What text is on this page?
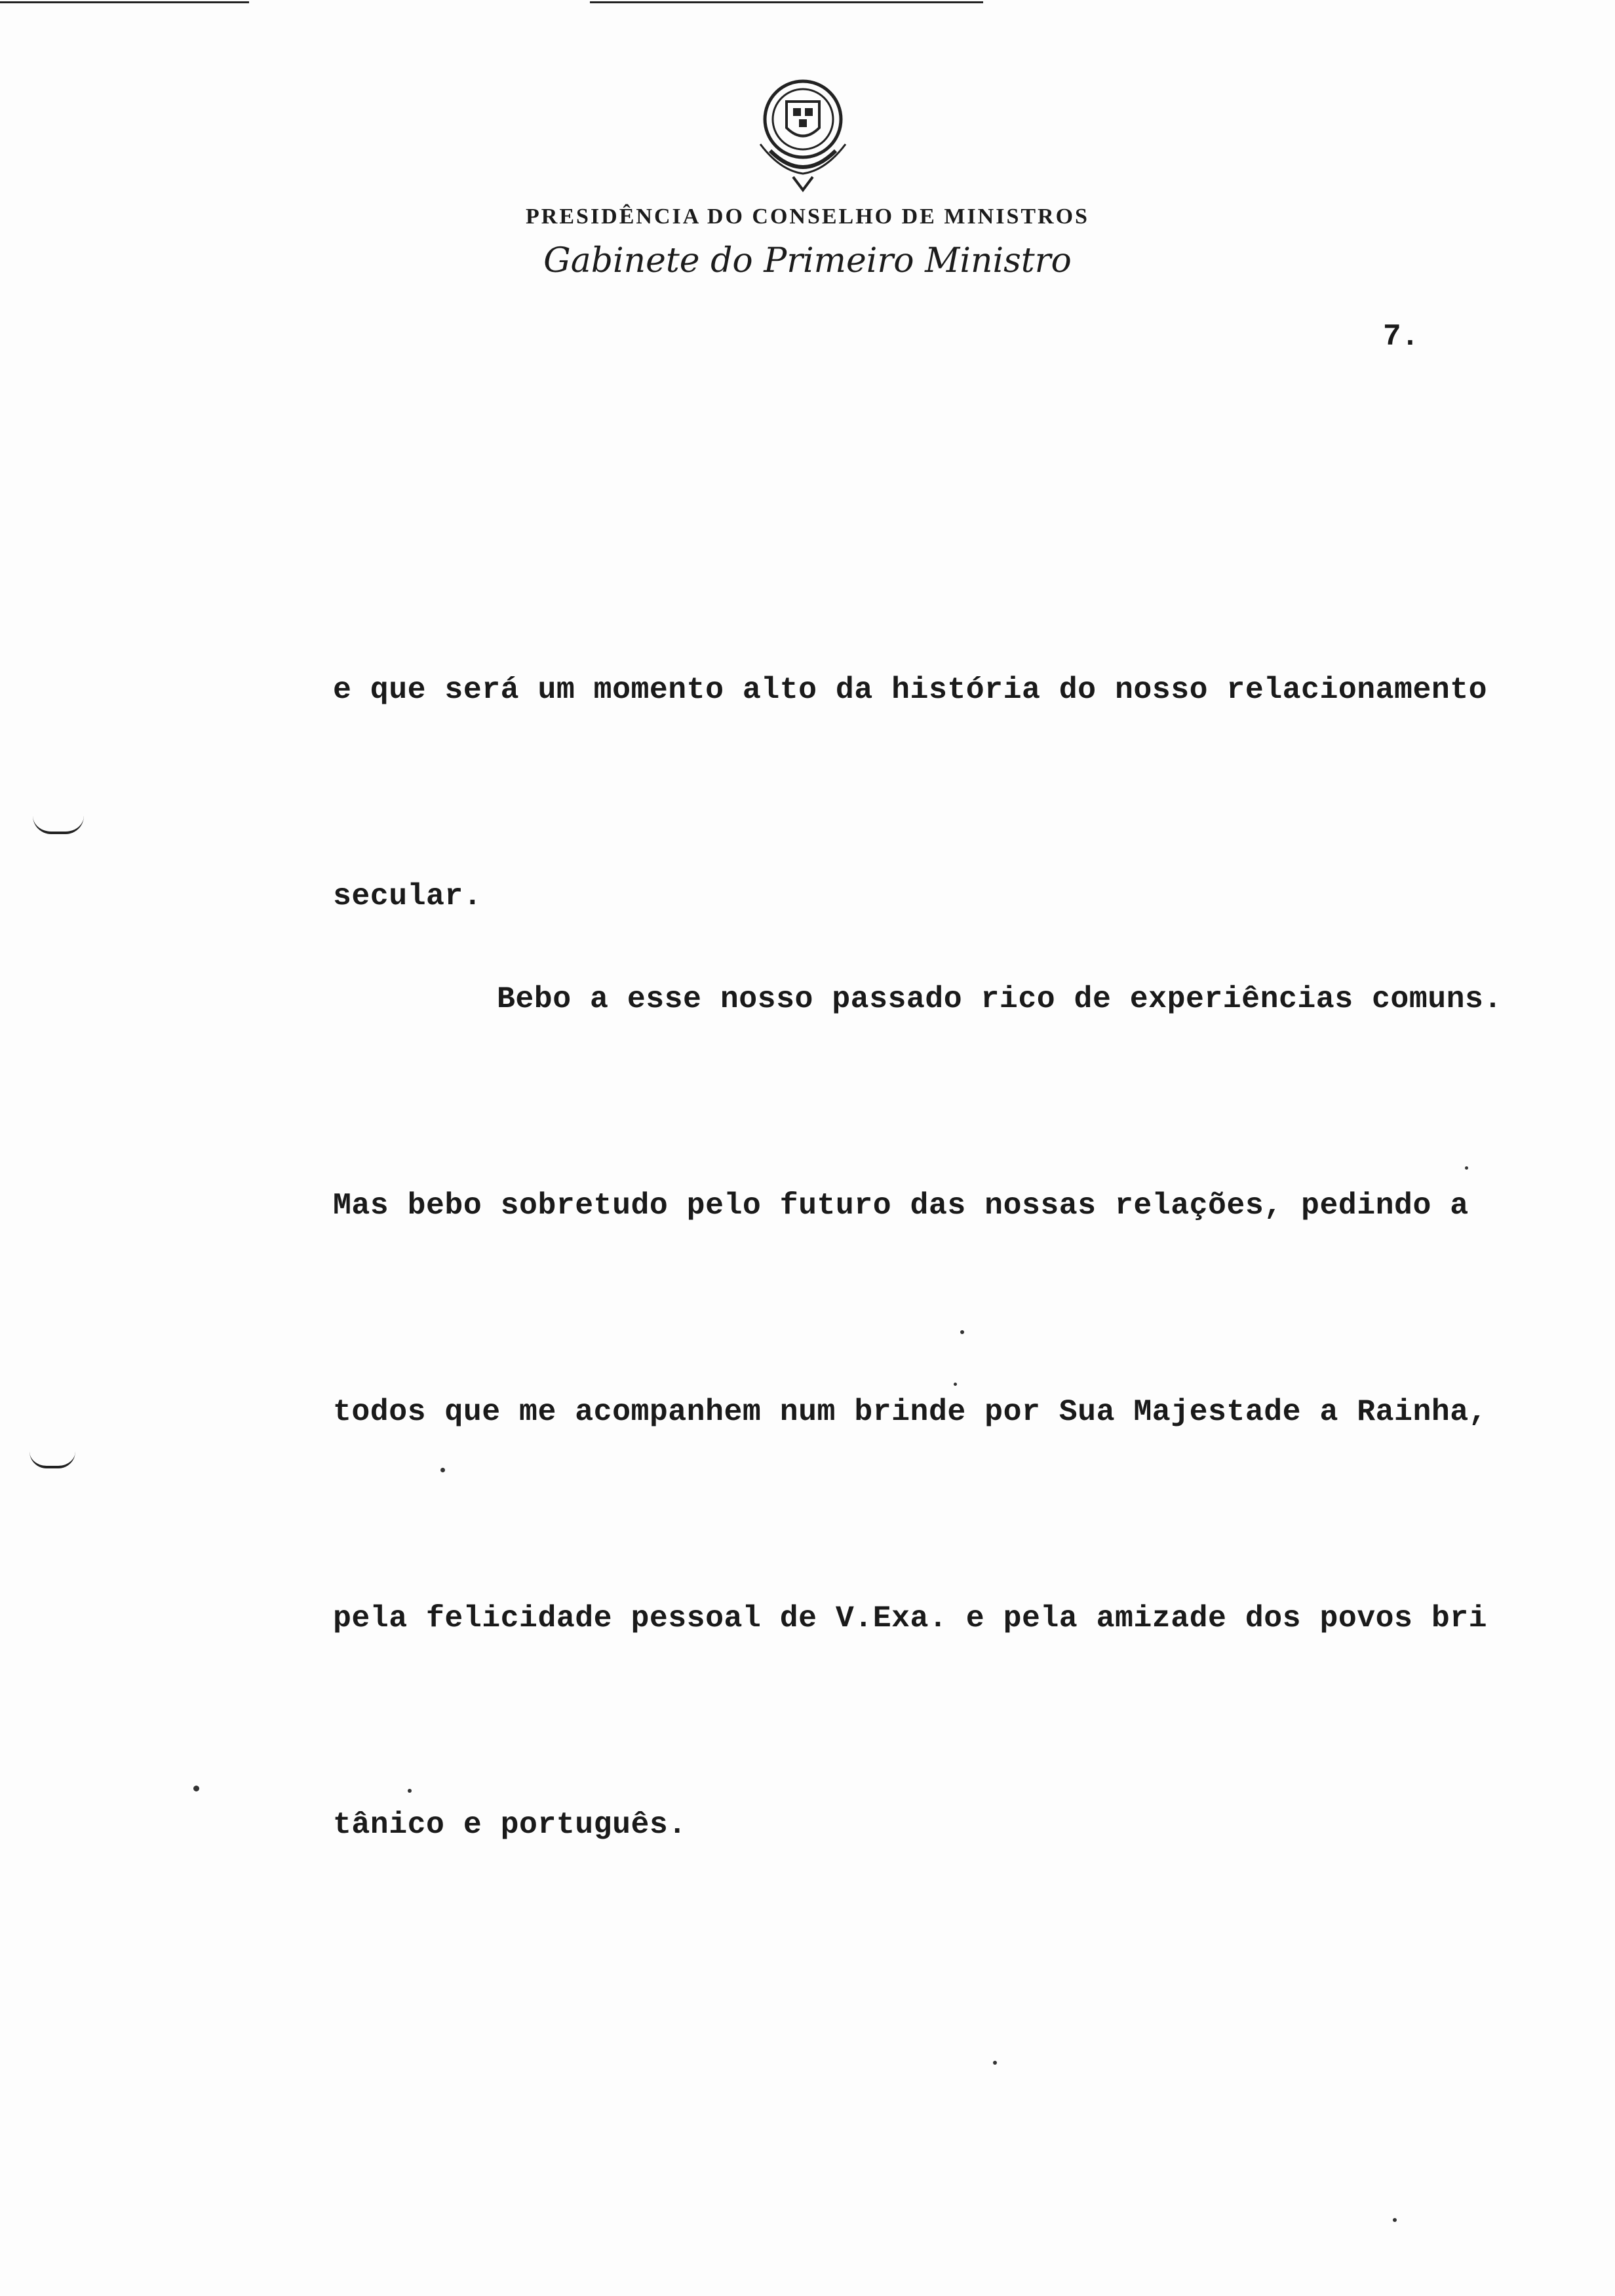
PRESIDÊNCIA DO CONSELHO DE MINISTROS
Gabinete do Primeiro Ministro
7.

e que será um momento alto da história do nosso relacionamento

secular.

Bebo a esse nosso passado rico de experiências comuns.

Mas bebo sobretudo pelo futuro das nossas relações, pedindo a

todos que me acompanhem num brinde por Sua Majestade a Rainha,

pela felicidade pessoal de V.Exa. e pela amizade dos povos bri

tânico e português.
